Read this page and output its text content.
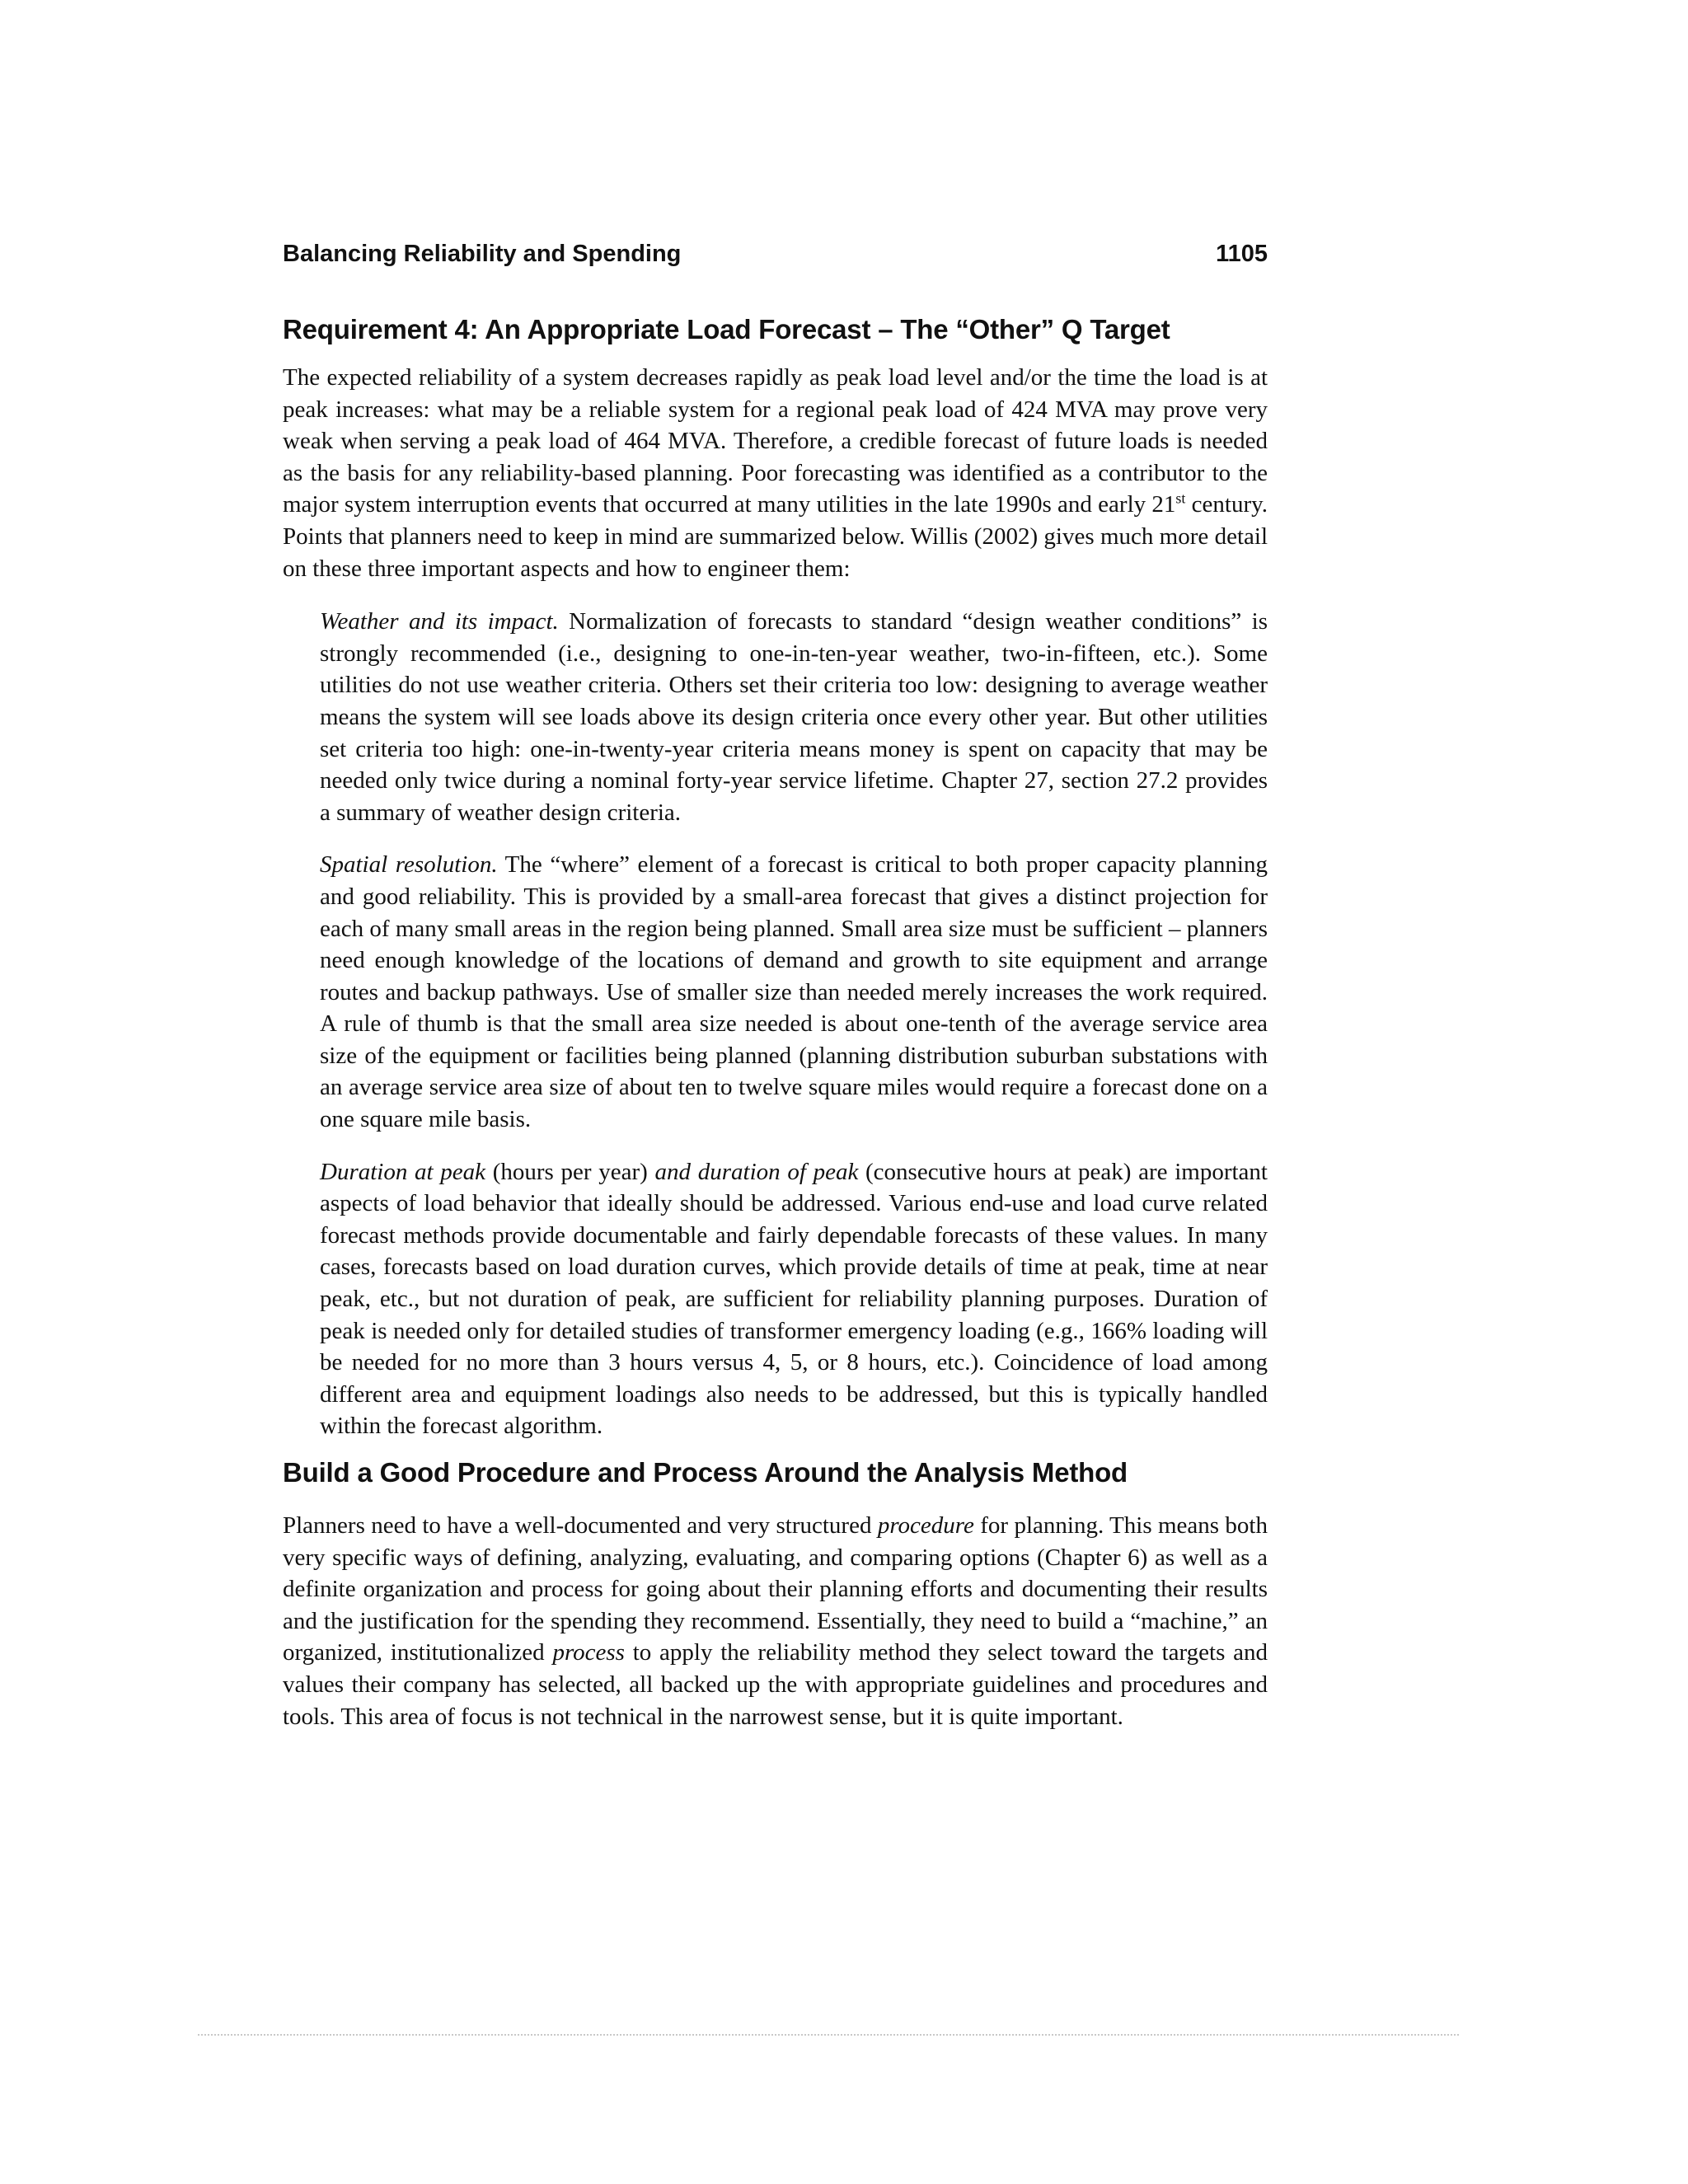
Balancing Reliability and Spending	1105
Requirement 4: An Appropriate Load Forecast – The “Other” Q Target

The expected reliability of a system decreases rapidly as peak load level and/or the time the load is at peak increases: what may be a reliable system for a regional peak load of 424 MVA may prove very weak when serving a peak load of 464 MVA. Therefore, a credible forecast of future loads is needed as the basis for any reliability-based planning. Poor forecasting was identified as a contributor to the major system interruption events that occurred at many utilities in the late 1990s and early 21st century. Points that planners need to keep in mind are summarized below. Willis (2002) gives much more detail on these three important aspects and how to engineer them:

Weather and its impact. Normalization of forecasts to standard “design weather conditions” is strongly recommended (i.e., designing to one-in-ten-year weather, two-in-fifteen, etc.). Some utilities do not use weather criteria. Others set their criteria too low: designing to average weather means the system will see loads above its design criteria once every other year. But other utilities set criteria too high: one-in-twenty-year criteria means money is spent on capacity that may be needed only twice during a nominal forty-year service lifetime. Chapter 27, section 27.2 provides a summary of weather design criteria.

Spatial resolution. The “where” element of a forecast is critical to both proper capacity planning and good reliability. This is provided by a small-area forecast that gives a distinct projection for each of many small areas in the region being planned. Small area size must be sufficient – planners need enough knowledge of the locations of demand and growth to site equipment and arrange routes and backup pathways. Use of smaller size than needed merely increases the work required. A rule of thumb is that the small area size needed is about one-tenth of the average service area size of the equipment or facilities being planned (planning distribution suburban substations with an average service area size of about ten to twelve square miles would require a forecast done on a one square mile basis.

Duration at peak (hours per year) and duration of peak (consecutive hours at peak) are important aspects of load behavior that ideally should be addressed. Various end-use and load curve related forecast methods provide documentable and fairly dependable forecasts of these values. In many cases, forecasts based on load duration curves, which provide details of time at peak, time at near peak, etc., but not duration of peak, are sufficient for reliability planning purposes. Duration of peak is needed only for detailed studies of transformer emergency loading (e.g., 166% loading will be needed for no more than 3 hours versus 4, 5, or 8 hours, etc.). Coincidence of load among different area and equipment loadings also needs to be addressed, but this is typically handled within the forecast algorithm.

Build a Good Procedure and Process Around the Analysis Method

Planners need to have a well-documented and very structured procedure for planning. This means both very specific ways of defining, analyzing, evaluating, and comparing options (Chapter 6) as well as a definite organization and process for going about their planning efforts and documenting their results and the justification for the spending they recommend. Essentially, they need to build a “machine,” an organized, institutionalized process to apply the reliability method they select toward the targets and values their company has selected, all backed up the with appropriate guidelines and procedures and tools. This area of focus is not technical in the narrowest sense, but it is quite important.
